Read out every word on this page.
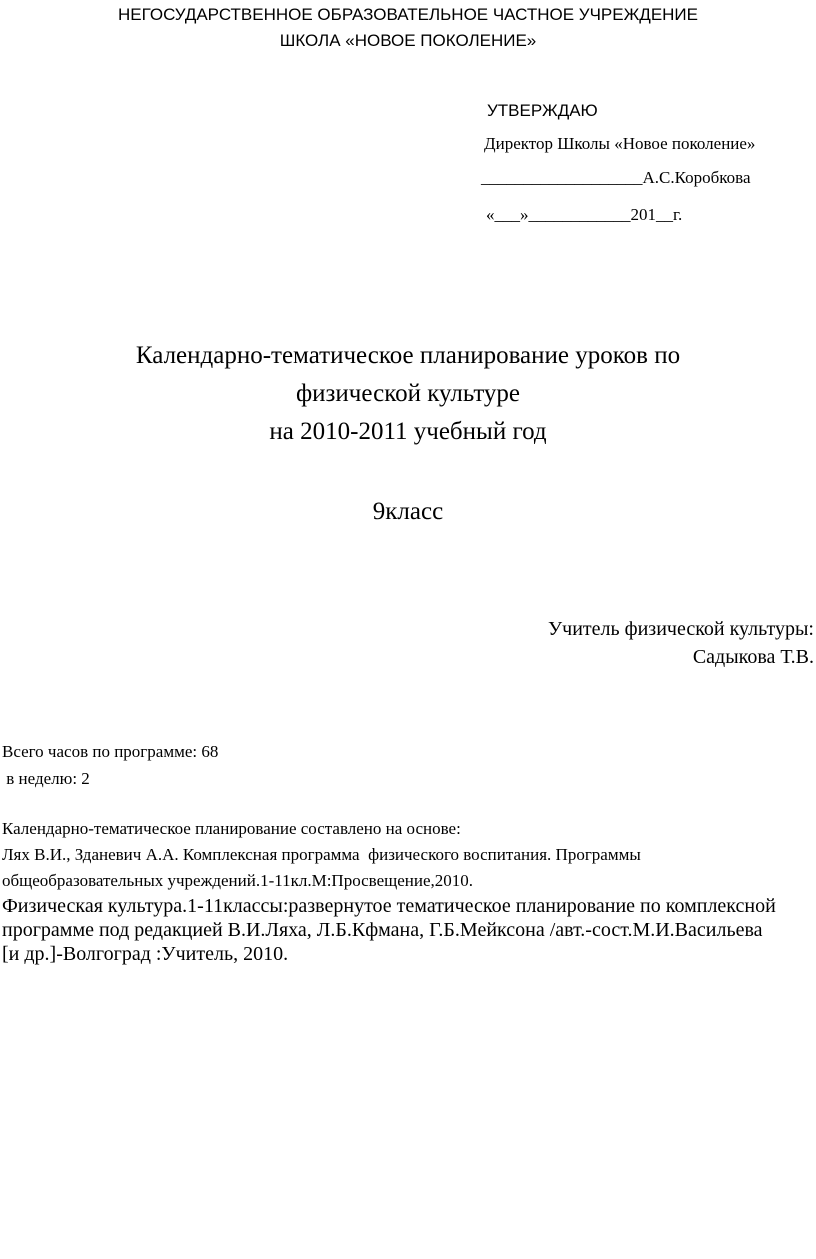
НЕГОСУДАРСТВЕННОЕ ОБРАЗОВАТЕЛЬНОЕ ЧАСТНОЕ УЧРЕЖДЕНИЕ
ШКОЛА «НОВОЕ ПОКОЛЕНИЕ»
УТВЕРЖДАЮ
Директор Школы «Новое поколение»
___________________А.С.Коробкова
«___»____________201__г.
Календарно-тематическое планирование уроков по
физической культуре
на 2010-2011 учебный год
9класс
Учитель физической культуры:
Садыкова Т.В.
Всего часов по программе: 68
в неделю: 2
Календарно-тематическое планирование составлено на основе:
Лях В.И., Зданевич А.А. Комплексная программа  физического воспитания. Программы
общеобразовательных учреждений.1-11кл.М:Просвещение,2010.
Физическая культура.1-11классы:развернутое тематическое планирование по комплексной
программе под редакцией В.И.Ляха, Л.Б.Кфмана, Г.Б.Мейксона /авт.-сост.М.И.Васильева
[и др.]-Волгоград :Учитель, 2010.
